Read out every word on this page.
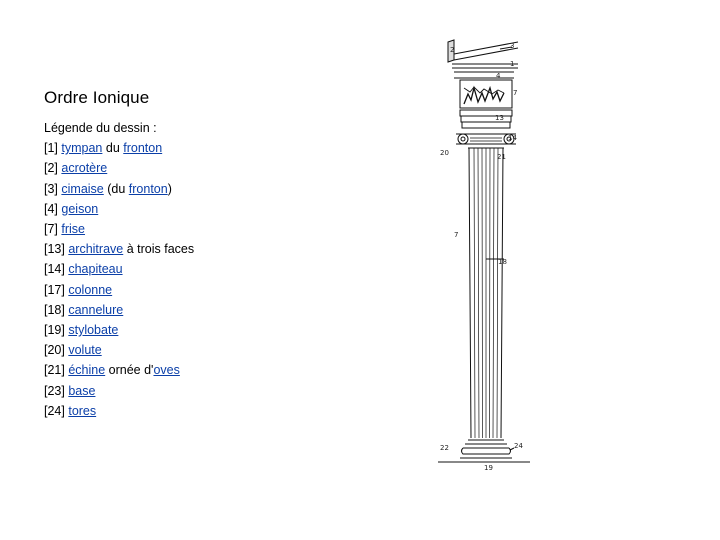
Ordre Ionique
Légende du dessin :
[1] tympan du fronton
[2] acrotère
[3] cimaise (du fronton)
[4] geison
[7] frise
[13] architrave à trois faces
[14] chapiteau
[17] colonne
[18] cannelure
[19] stylobate
[20] volute
[21] échine ornée d'oves
[23] base
[24] tores
2	3
1
4
7
13
14
20	21
7
18
22	24
19
